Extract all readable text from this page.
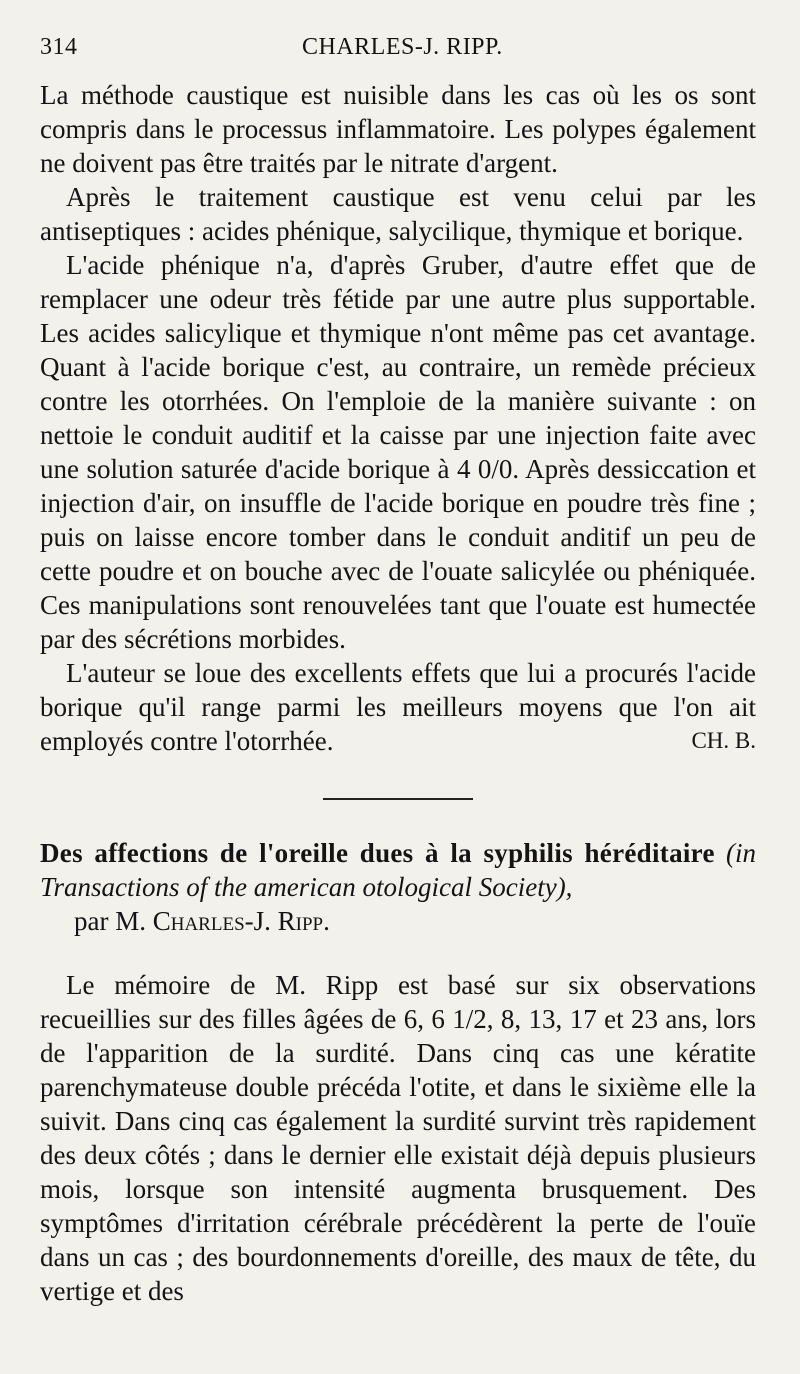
314	CHARLES-J. RIPP.

La méthode caustique est nuisible dans les cas où les os sont compris dans le processus inflammatoire. Les polypes également ne doivent pas être traités par le nitrate d'argent.

Après le traitement caustique est venu celui par les antiseptiques : acides phénique, salycilique, thymique et borique.

L'acide phénique n'a, d'après Gruber, d'autre effet que de remplacer une odeur très fétide par une autre plus supportable. Les acides salicylique et thymique n'ont même pas cet avantage. Quant à l'acide borique c'est, au contraire, un remède précieux contre les otorrhées. On l'emploie de la manière suivante : on nettoie le conduit auditif et la caisse par une injection faite avec une solution saturée d'acide borique à 4 0/0. Après dessiccation et injection d'air, on insuffle de l'acide borique en poudre très fine ; puis on laisse encore tomber dans le conduit anditif un peu de cette poudre et on bouche avec de l'ouate salicylée ou phéniquée. Ces manipulations sont renouvelées tant que l'ouate est humectée par des sécrétions morbides.

L'auteur se loue des excellents effets que lui a procurés l'acide borique qu'il range parmi les meilleurs moyens que l'on ait employés contre l'otorrhée.	CH. B.

Des affections de l'oreille dues à la syphilis héréditaire (in Transactions of the american otological Society),
par M. Charles-J. Ripp.

Le mémoire de M. Ripp est basé sur six observations recueillies sur des filles âgées de 6, 6 1/2, 8, 13, 17 et 23 ans, lors de l'apparition de la surdité. Dans cinq cas une kératite parenchymateuse double précéda l'otite, et dans le sixième elle la suivit. Dans cinq cas également la surdité survint très rapidement des deux côtés ; dans le dernier elle existait déjà depuis plusieurs mois, lorsque son intensité augmenta brusquement. Des symptômes d'irritation cérébrale précédèrent la perte de l'ouïe dans un cas ; des bourdonnements d'oreille, des maux de tête, du vertige et des
